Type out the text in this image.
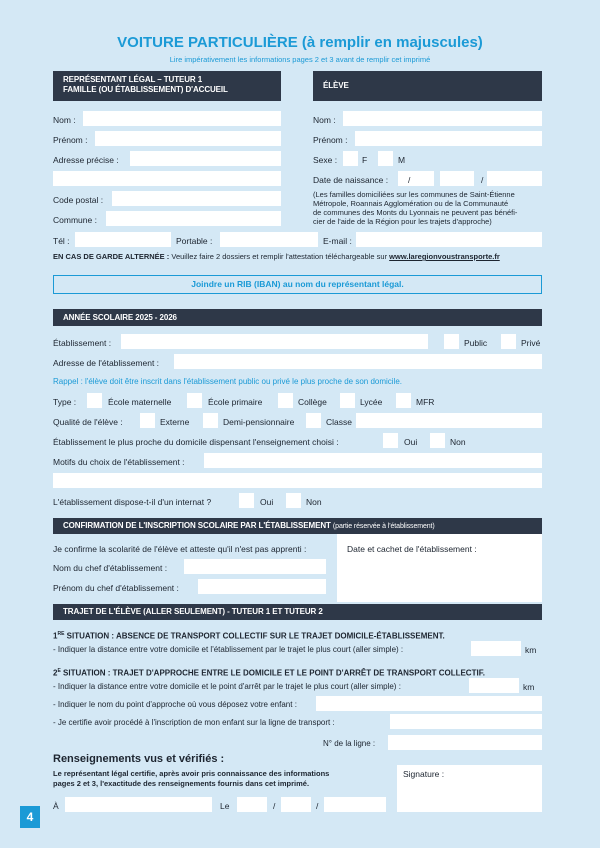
VOITURE PARTICULIÈRE (à remplir en majuscules)
Lire impérativement les informations pages 2 et 3 avant de remplir cet imprimé
REPRÉSENTANT LÉGAL – TUTEUR 1
FAMILLE (OU ÉTABLISSEMENT) D'ACCUEIL
Nom :
Prénom :
Adresse précise :
Code postal :
Commune :
ÉLÈVE
Nom :
Prénom :
Sexe :	F	M
Date de naissance : /	/
(Les familles domiciliées sur les communes de Saint-Étienne
Métropole, Roannais Agglomération ou de la Communauté
de communes des Monts du Lyonnais ne peuvent pas bénéfi-
cier de l'aide de la Région pour les trajets d'approche)
Tél :	Portable :	E-mail :
EN CAS DE GARDE ALTERNÉE : Veuillez faire 2 dossiers et remplir l'attestation téléchargeable sur www.laregionvoustransporte.fr
Joindre un RIB (IBAN) au nom du représentant légal.
ANNÉE SCOLAIRE 2025 - 2026
Établissement :	Public	Privé
Adresse de l'établissement :
Rappel : l'élève doit être inscrit dans l'établissement public ou privé le plus proche de son domicile.
Type :	École maternelle	École primaire	Collège	Lycée	MFR
Qualité de l'élève :	Externe	Demi-pensionnaire	Classe
Établissement le plus proche du domicile dispensant l'enseignement choisi :	Oui	Non
Motifs du choix de l'établissement :
L'établissement dispose-t-il d'un internat ?	Oui	Non
CONFIRMATION DE L'INSCRIPTION SCOLAIRE PAR L'ÉTABLISSEMENT (partie réservée à l'établissement)
Je confirme la scolarité de l'élève et atteste qu'il n'est pas apprenti :
Nom du chef d'établissement :
Prénom du chef d'établissement :
Date et cachet de l'établissement :
TRAJET DE L'ÉLÈVE (ALLER SEULEMENT) - TUTEUR 1 ET TUTEUR 2
1RE SITUATION : ABSENCE DE TRANSPORT COLLECTIF SUR LE TRAJET DOMICILE-ÉTABLISSEMENT.
- Indiquer la distance entre votre domicile et l'établissement par le trajet le plus court (aller simple) :	km
$2^E$ SITUATION : TRAJET D'APPROCHE ENTRE LE DOMICILE ET LE POINT D'ARRÊT DE TRANSPORT COLLECTIF.
- Indiquer la distance entre votre domicile et le point d'arrêt par le trajet le plus court (aller simple) :	km
- Indiquer le nom du point d'approche où vous déposez votre enfant :
- Je certifie avoir procédé à l'inscription de mon enfant sur la ligne de transport :
N° de la ligne :
Renseignements vus et vérifiés :
Le représentant légal certifie, après avoir pris connaissance des informations
pages 2 et 3, l'exactitude des renseignements fournis dans cet imprimé.
À	Le	/	/
Signature :
4
